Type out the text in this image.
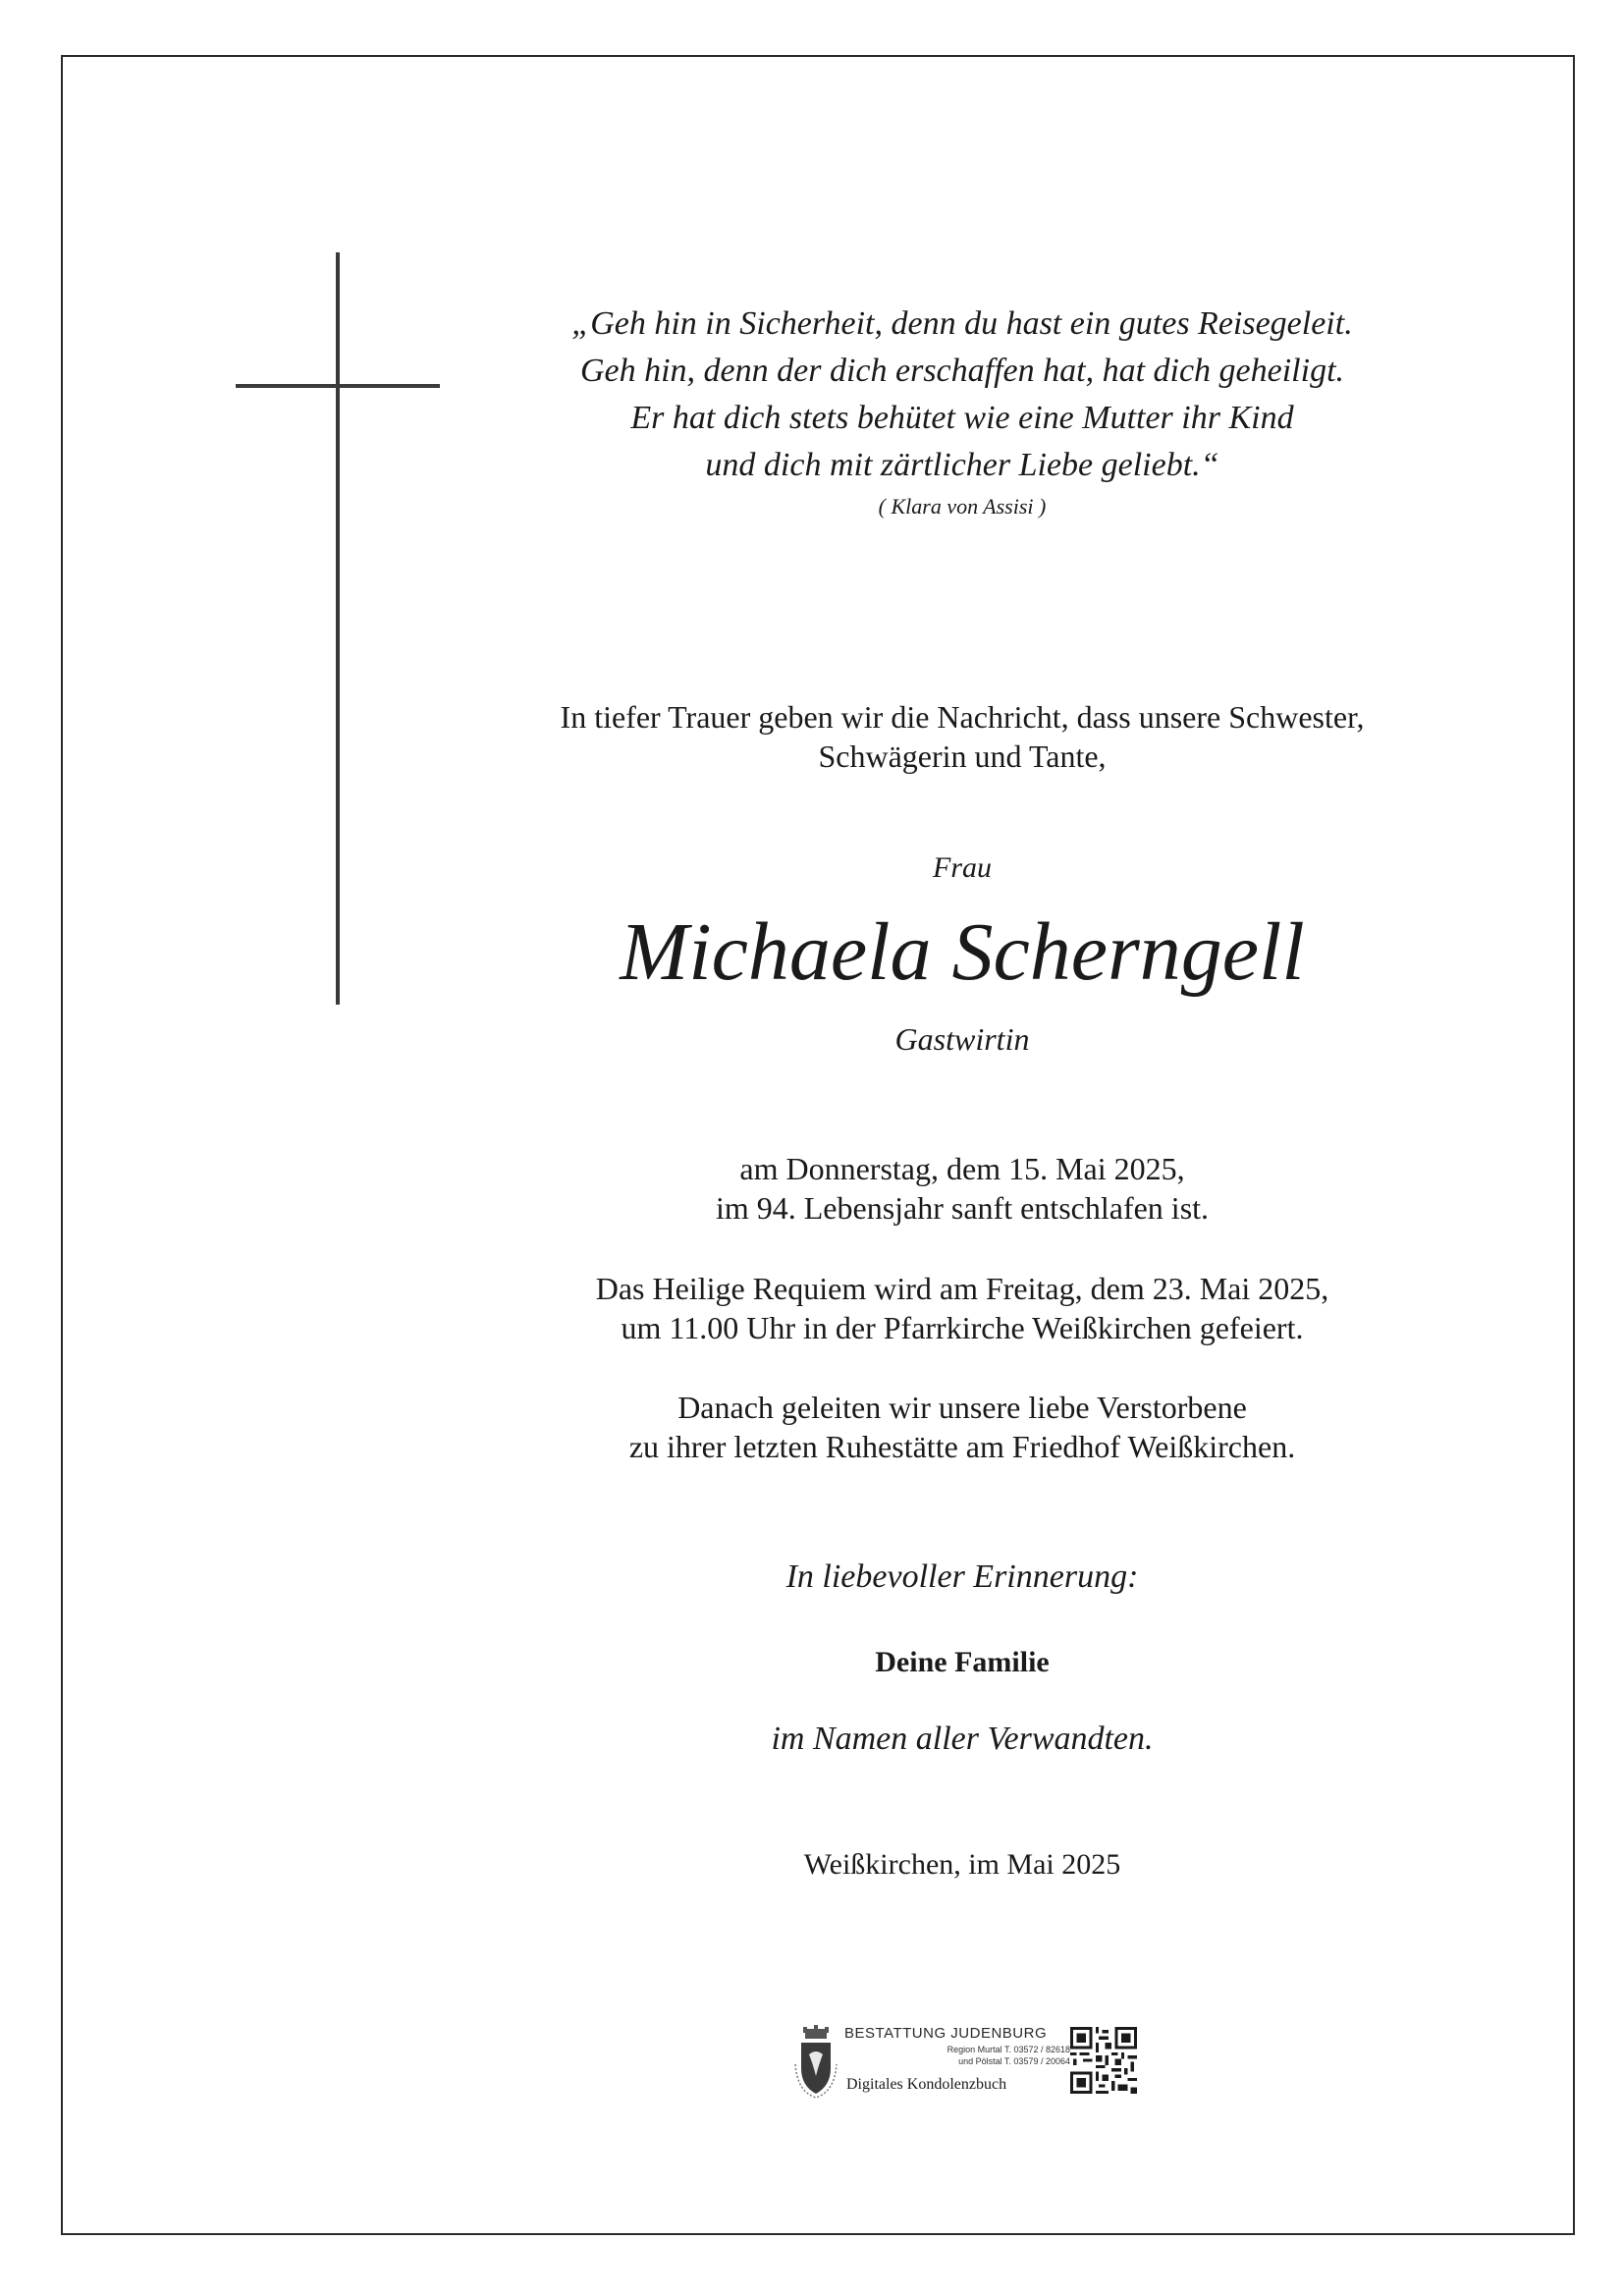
„Geh hin in Sicherheit, denn du hast ein gutes Reisegeleit.
Geh hin, denn der dich erschaffen hat, hat dich geheiligt.
Er hat dich stets behütet wie eine Mutter ihr Kind
und dich mit zärtlicher Liebe geliebt.“
( Klara von Assisi )
In tiefer Trauer geben wir die Nachricht, dass unsere Schwester,
Schwägerin und Tante,
Frau
Michaela Scherngell
Gastwirtin
am Donnerstag, dem 15. Mai 2025,
im 94. Lebensjahr sanft entschlafen ist.
Das Heilige Requiem wird am Freitag, dem 23. Mai 2025,
um 11.00 Uhr in der Pfarrkirche Weißkirchen gefeiert.
Danach geleiten wir unsere liebe Verstorbene
zu ihrer letzten Ruhestätte am Friedhof Weißkirchen.
In liebevoller Erinnerung:
Deine Familie
im Namen aller Verwandten.
Weißkirchen, im Mai 2025
BESTATTUNG JUDENBURG
Region Murtal T. 03572 / 82618
und Pölstal T. 03579 / 20064
Digitales Kondolenzbuch
